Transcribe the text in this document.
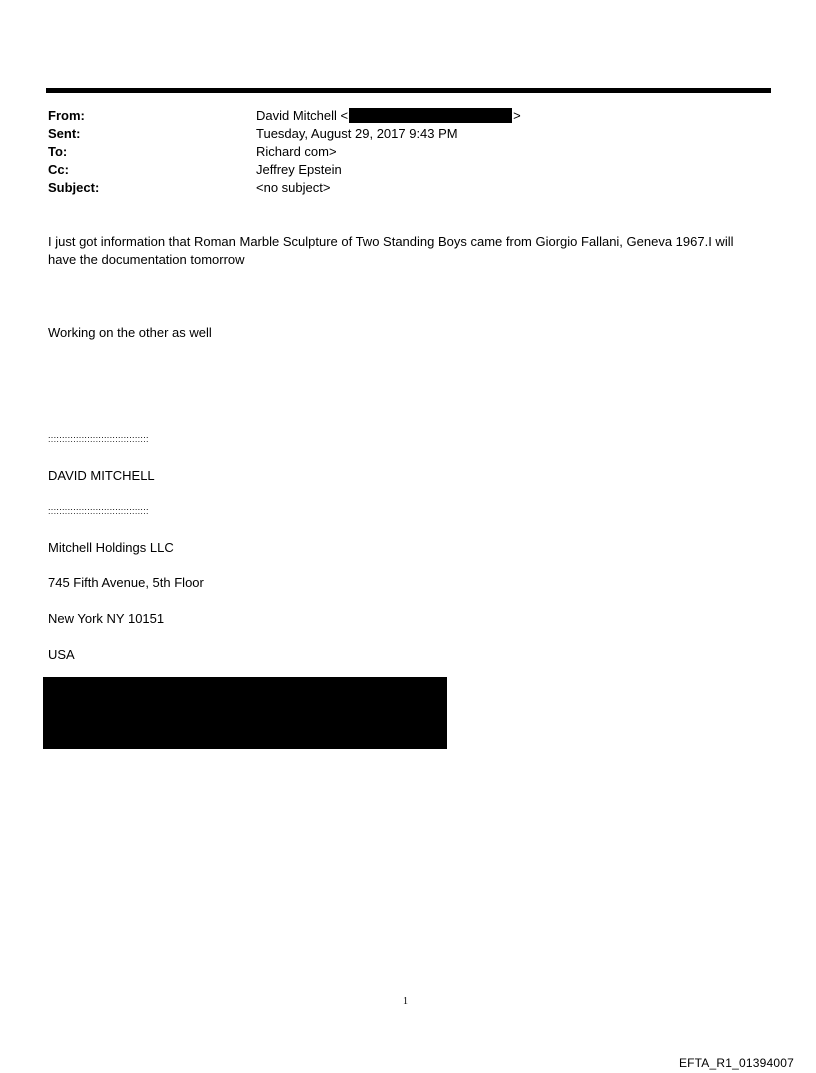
From:	David Mitchell <	>
Sent:	Tuesday, August 29, 2017 9:43 PM
To:	Richard com>
Cc:	Jeffrey Epstein
Subject:	<no subject>
I just got information that Roman Marble Sculpture of Two Standing Boys came from Giorgio Fallani, Geneva 1967.I will
have the documentation tomorrow
Working on the other as well
::::::::::::::::::::::::::::::::::::
DAVID MITCHELL
::::::::::::::::::::::::::::::::::::
Mitchell Holdings LLC
745 Fifth Avenue, 5th Floor
New York NY 10151
USA
1
EFTA_R1_01394007
